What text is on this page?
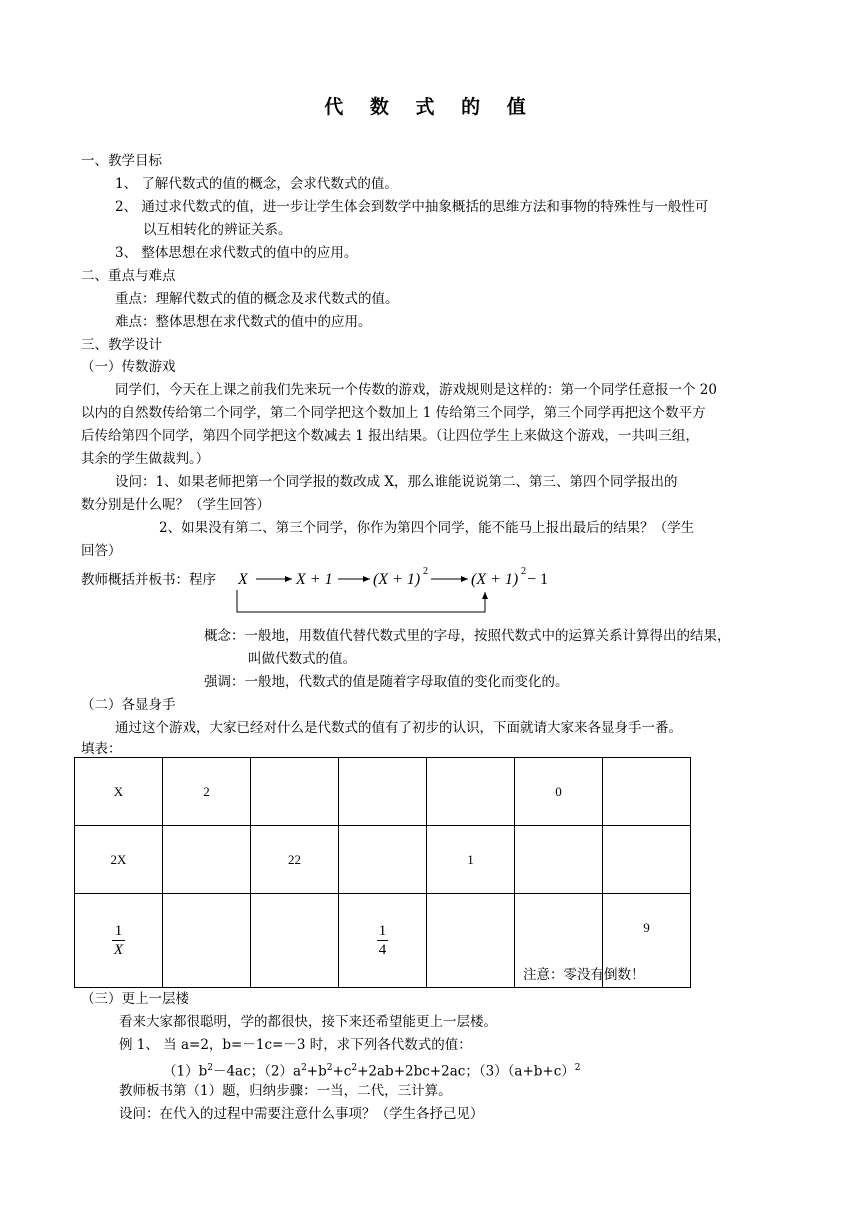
代 数 式 的 值
一、教学目标
1、 了解代数式的值的概念，会求代数式的值。
2、 通过求代数式的值，进一步让学生体会到数学中抽象概括的思维方法和事物的特殊性与一般性可
以互相转化的辨证关系。
3、 整体思想在求代数式的值中的应用。
二、重点与难点
重点：理解代数式的值的概念及求代数式的值。
难点：整体思想在求代数式的值中的应用。
三、教学设计
（一）传数游戏
同学们，今天在上课之前我们先来玩一个传数的游戏，游戏规则是这样的：第一个同学任意报一个 20
以内的自然数传给第二个同学，第二个同学把这个数加上 1 传给第三个同学，第三个同学再把这个数平方
后传给第四个同学，第四个同学把这个数减去 1 报出结果。（让四位学生上来做这个游戏，一共叫三组，
其余的学生做裁判。）
设问：1、如果老师把第一个同学报的数改成 X，那么谁能说说第二、第三、第四个同学报出的
数分别是什么呢？（学生回答）
2、如果没有第二、第三个同学，你作为第四个同学，能不能马上报出最后的结果？（学生
回答）
教师概括并板书：程序 X	X + 1	(X + 1) 2	(X + 1) 2 − 1
概念：一般地，用数值代替代数式里的字母，按照代数式中的运算关系计算得出的结果，
叫做代数式的值。
强调：一般地，代数式的值是随着字母取值的变化而变化的。
（二）各显身手
通过这个游戏，大家已经对什么是代数式的值有了初步的认识，下面就请大家来各显身手一番。
填表：
X	2				0	
2X		22		1		

$\frac{1}{X}$			$\frac{1}{4}$			9
注意：零没有倒数！
（三）更上一层楼
看来大家都很聪明，学的都很快，接下来还希望能更上一层楼。
例 1、 当 a=2，b=－1c=－3 时，求下列各代数式的值：
$(1)b^2-4ac$；$(2)a^2+b^2+c^2+2ab+2bc+2ac$；$(3)(a+b+c)^2$
教师板书第（1）题，归纳步骤：一当，二代，三计算。
设问：在代入的过程中需要注意什么事项？（学生各抒己见）
